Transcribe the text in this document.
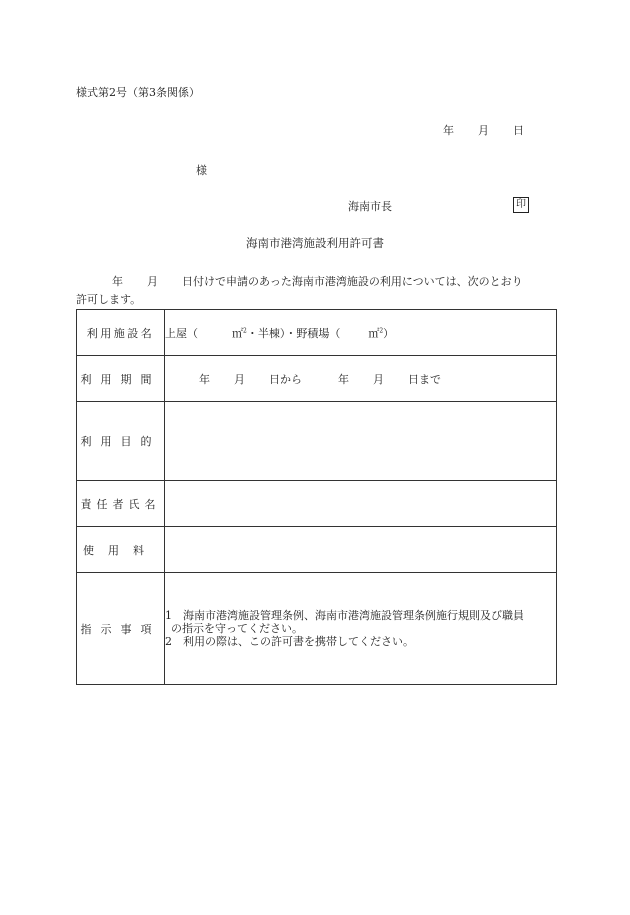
様式第2号（第3条関係）
年 月 日
様
海南市長	印
海南市港湾施設利用許可書
年 月 日付けで申請のあった海南市港湾施設の利用については、次のとおり
許可します。
利用施設名	上屋（ ㎡$^2$・半棟）・野積場（ ㎡$^2$）
利用期間	年 月 日から 年 月 日まで
利用目的	
責任者氏名	
使用料	
指示事項	1　海南市港湾施設管理条例、海南市港湾施設管理条例施行規則及び職員
の指示を守ってください。
2　利用の際は、この許可書を携帯してください。
